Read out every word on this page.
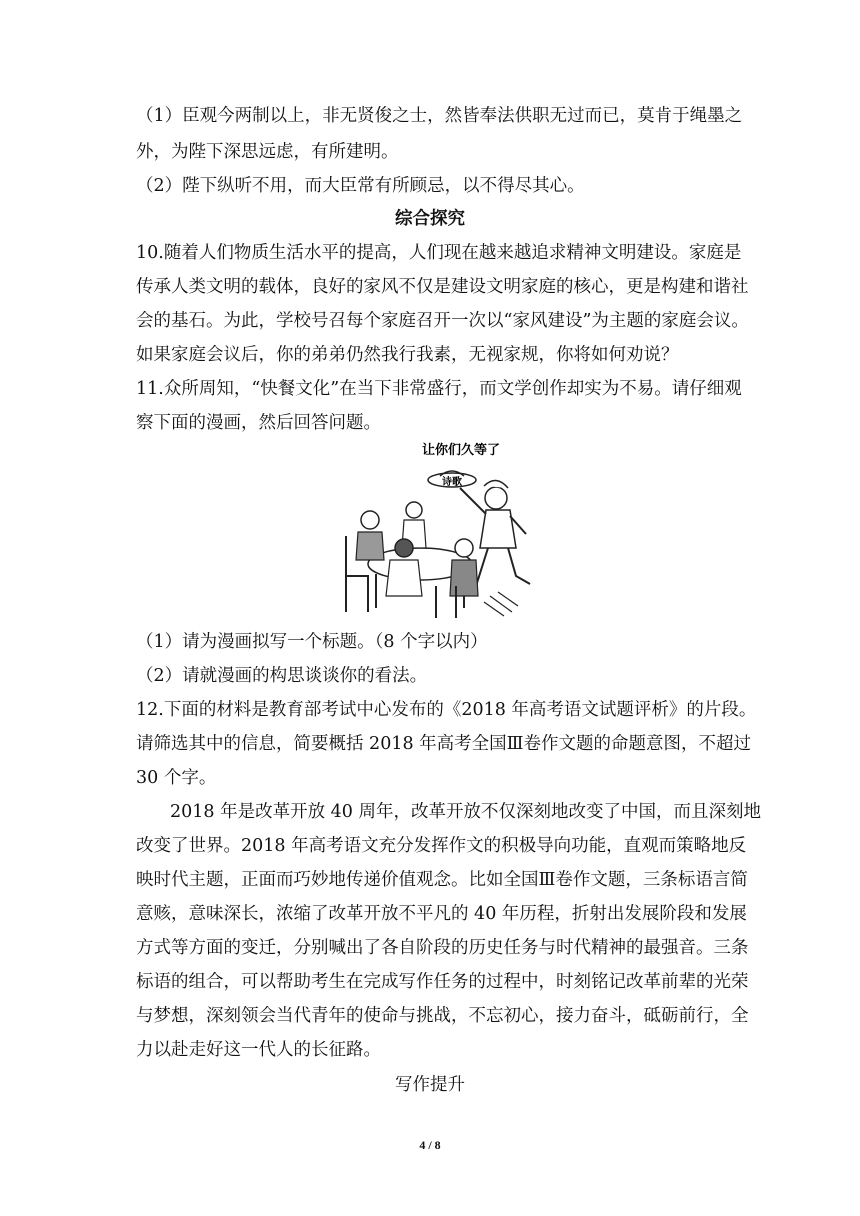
（1）臣观今两制以上，非无贤俊之士，然皆奉法供职无过而已，莫肯于绳墨之
外，为陛下深思远虑，有所建明。
（2）陛下纵听不用，而大臣常有所顾忌，以不得尽其心。
综合探究
10.随着人们物质生活水平的提高，人们现在越来越追求精神文明建设。家庭是
传承人类文明的载体，良好的家风不仅是建设文明家庭的核心，更是构建和谐社
会的基石。为此，学校号召每个家庭召开一次以“家风建设”为主题的家庭会议。
如果家庭会议后，你的弟弟仍然我行我素，无视家规，你将如何劝说？
11.众所周知，“快餐文化”在当下非常盛行，而文学创作却实为不易。请仔细观
察下面的漫画，然后回答问题。
让你们久等了
诗歌
（1）请为漫画拟写一个标题。（8 个字以内）
（2）请就漫画的构思谈谈你的看法。
12.下面的材料是教育部考试中心发布的《2018 年高考语文试题评析》的片段。
请筛选其中的信息，简要概括 2018 年高考全国Ⅲ卷作文题的命题意图，不超过
30 个字。
2018 年是改革开放 40 周年，改革开放不仅深刻地改变了中国，而且深刻地
改变了世界。2018 年高考语文充分发挥作文的积极导向功能，直观而策略地反
映时代主题，正面而巧妙地传递价值观念。比如全国Ⅲ卷作文题，三条标语言简
意赅，意味深长，浓缩了改革开放不平凡的 40 年历程，折射出发展阶段和发展
方式等方面的变迁，分别喊出了各自阶段的历史任务与时代精神的最强音。三条
标语的组合，可以帮助考生在完成写作任务的过程中，时刻铭记改革前辈的光荣
与梦想，深刻领会当代青年的使命与挑战，不忘初心，接力奋斗，砥砺前行，全
力以赴走好这一代人的长征路。
写作提升
4 / 8
